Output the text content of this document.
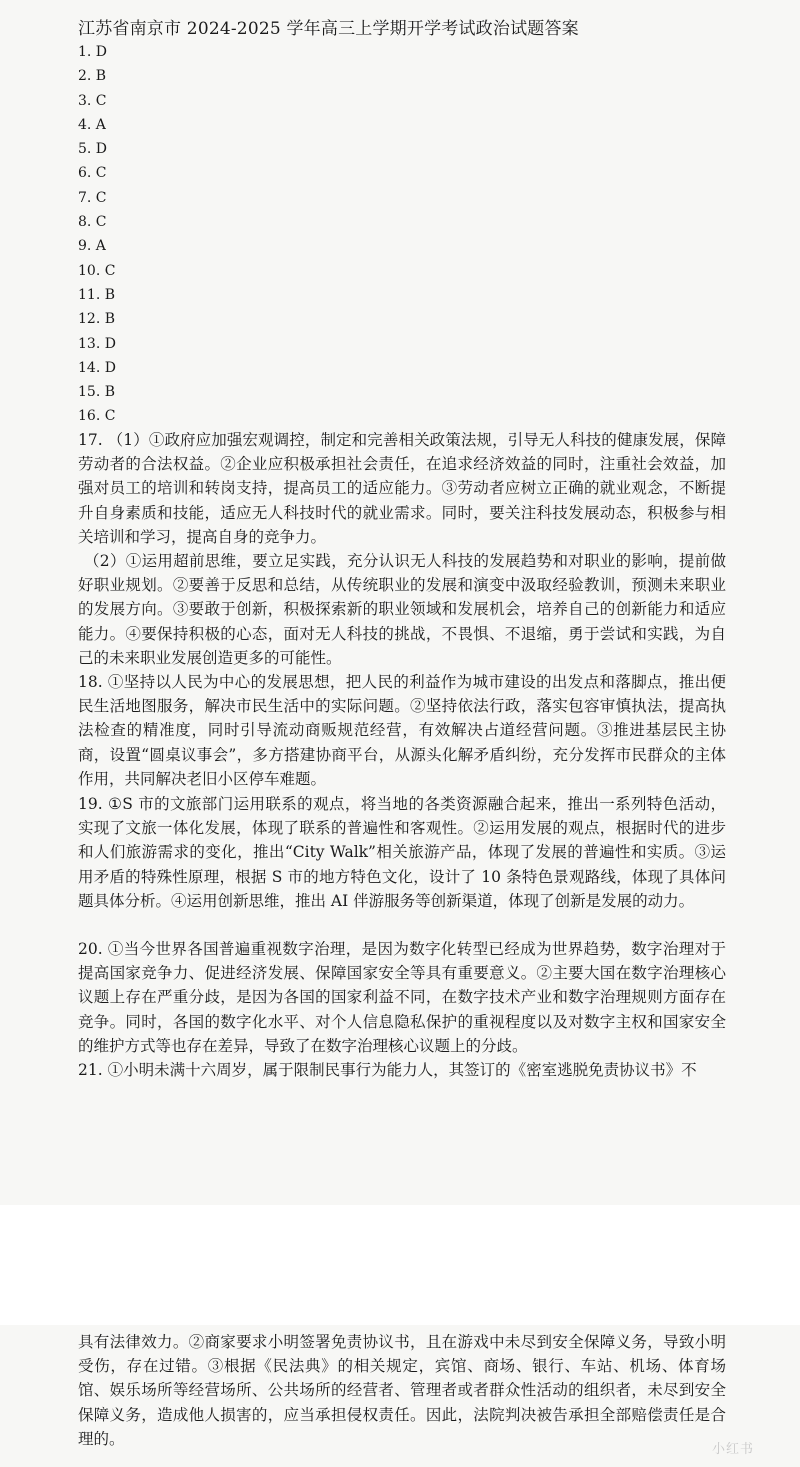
江苏省南京市 2024-2025 学年高三上学期开学考试政治试题答案
1. D
2. B
3. C
4. A
5. D
6. C
7. C
8. C
9. A
10. C
11. B
12. B
13. D
14. D
15. B
16. C

17. （1）①政府应加强宏观调控，制定和完善相关政策法规，引导无人科技的健康发展，保障劳动者的合法权益。②企业应积极承担社会责任，在追求经济效益的同时，注重社会效益，加强对员工的培训和转岗支持，提高员工的适应能力。③劳动者应树立正确的就业观念，不断提升自身素质和技能，适应无人科技时代的就业需求。同时，要关注科技发展动态，积极参与相关培训和学习，提高自身的竞争力。

（2）①运用超前思维，要立足实践，充分认识无人科技的发展趋势和对职业的影响，提前做好职业规划。②要善于反思和总结，从传统职业的发展和演变中汲取经验教训，预测未来职业的发展方向。③要敢于创新，积极探索新的职业领域和发展机会，培养自己的创新能力和适应能力。④要保持积极的心态，面对无人科技的挑战，不畏惧、不退缩，勇于尝试和实践，为自己的未来职业发展创造更多的可能性。

18. ①坚持以人民为中心的发展思想，把人民的利益作为城市建设的出发点和落脚点，推出便民生活地图服务，解决市民生活中的实际问题。②坚持依法行政，落实包容审慎执法，提高执法检查的精准度，同时引导流动商贩规范经营，有效解决占道经营问题。③推进基层民主协商，设置“圆桌议事会”，多方搭建协商平台，从源头化解矛盾纠纷，充分发挥市民群众的主体作用，共同解决老旧小区停车难题。

19. ①S 市的文旅部门运用联系的观点，将当地的各类资源融合起来，推出一系列特色活动，实现了文旅一体化发展，体现了联系的普遍性和客观性。②运用发展的观点，根据时代的进步和人们旅游需求的变化，推出“City Walk”相关旅游产品，体现了发展的普遍性和实质。③运用矛盾的特殊性原理，根据 S 市的地方特色文化，设计了 10 条特色景观路线，体现了具体问题具体分析。④运用创新思维，推出 AI 伴游服务等创新渠道，体现了创新是发展的动力。

20. ①当今世界各国普遍重视数字治理，是因为数字化转型已经成为世界趋势，数字治理对于提高国家竞争力、促进经济发展、保障国家安全等具有重要意义。②主要大国在数字治理核心议题上存在严重分歧，是因为各国的国家利益不同，在数字技术产业和数字治理规则方面存在竞争。同时，各国的数字化水平、对个人信息隐私保护的重视程度以及对数字主权和国家安全的维护方式等也存在差异，导致了在数字治理核心议题上的分歧。

21. ①小明未满十六周岁，属于限制民事行为能力人，其签订的《密室逃脱免责协议书》不

具有法律效力。②商家要求小明签署免责协议书，且在游戏中未尽到安全保障义务，导致小明受伤，存在过错。③根据《民法典》的相关规定，宾馆、商场、银行、车站、机场、体育场馆、娱乐场所等经营场所、公共场所的经营者、管理者或者群众性活动的组织者，未尽到安全保障义务，造成他人损害的，应当承担侵权责任。因此，法院判决被告承担全部赔偿责任是合理的。

小红书
